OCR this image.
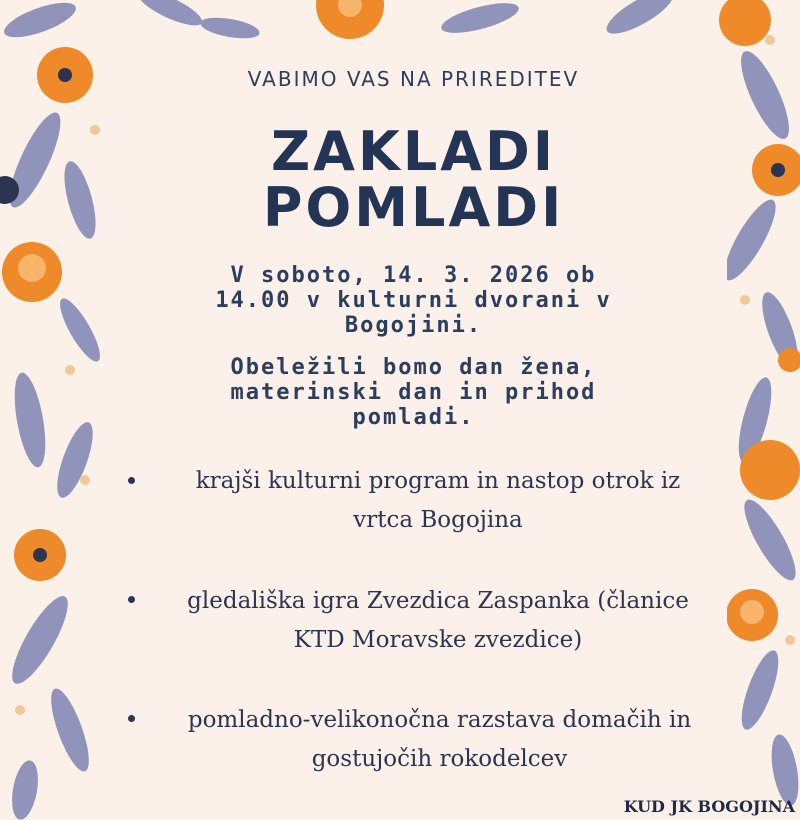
VABIMO VAS NA PRIREDITEV
ZAKLADI
POMLADI
V soboto, 14. 3. 2026 ob
14.00 v kulturni dvorani v
Bogojini.
Obeležili bomo dan žena,
materinski dan in prihod
pomladi.
krajši kulturni program in nastop otrok iz
vrtca Bogojina
gledališka igra Zvezdica Zaspanka (članice
KTD Moravske zvezdice)
pomladno-velikonočna razstava domačih in
gostujočih rokodelcev
KUD JK BOGOJINA
